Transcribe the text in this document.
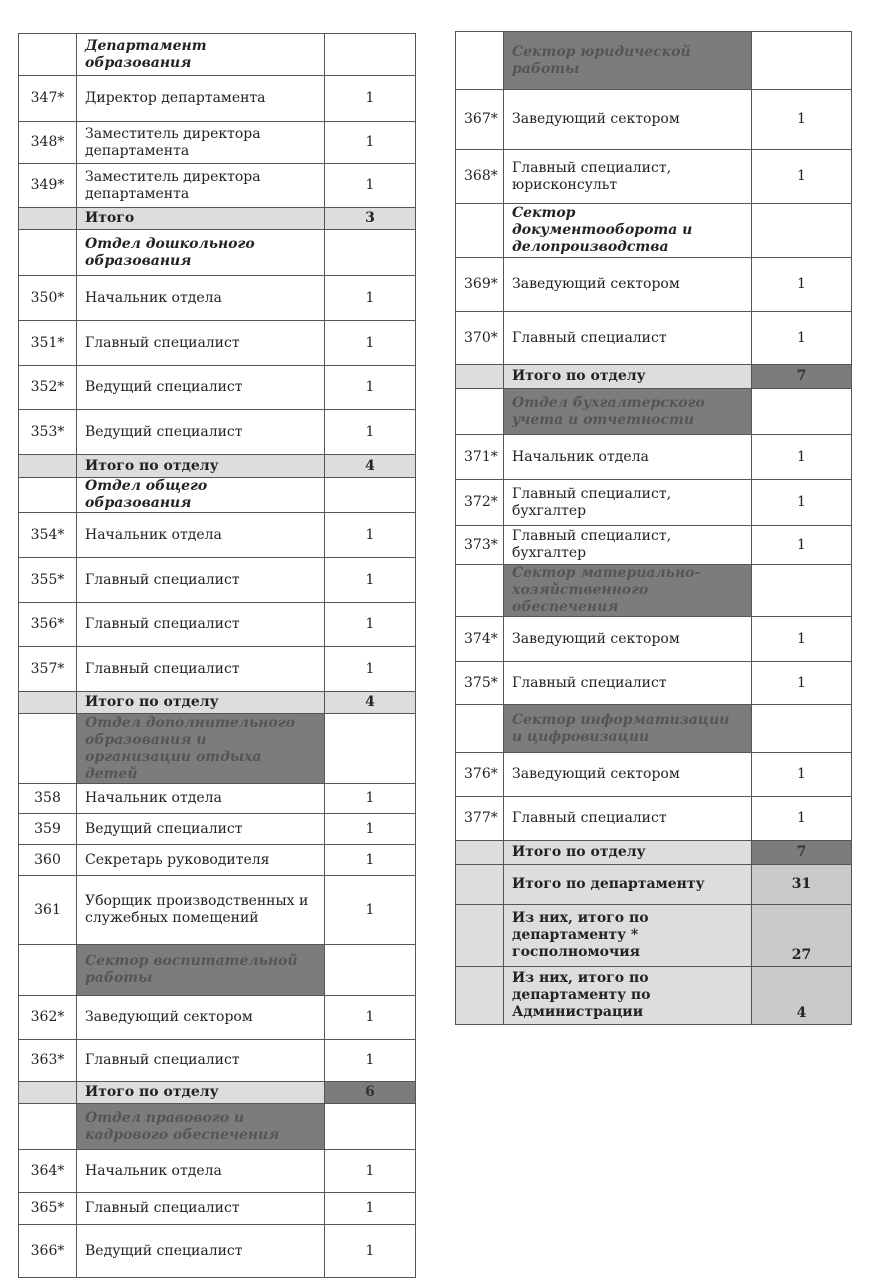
	Департамент образования	
347*	Директор департамента	1
348*	Заместитель директора департамента	1
349*	Заместитель директора департамента	1
	Итого	3
	Отдел дошкольного образования	
350*	Начальник отдела	1
351*	Главный специалист	1
352*	Ведущий специалист	1
353*	Ведущий специалист	1
	Итого по отделу	4
	Отдел общего образования	
354*	Начальник отдела	1
355*	Главный специалист	1
356*	Главный специалист	1
357*	Главный специалист	1
	Итого по отделу	4
	Отдел дополнительного образования и организации отдыха детей	
358	Начальник отдела	1
359	Ведущий специалист	1
360	Секретарь руководителя	1
361	Уборщик производственных и служебных помещений	1
	Сектор воспитательной работы	
362*	Заведующий сектором	1
363*	Главный специалист	1
	Итого по отделу	6
	Отдел правового и кадрового обеспечения	
364*	Начальник отдела	1
365*	Главный специалист	1
366*	Ведущий специалист	1
	Сектор юридической работы	
367*	Заведующий сектором	1
368*	Главный специалист, юрисконсульт	1
	Сектор документооборота и делопроизводства	
369*	Заведующий сектором	1
370*	Главный специалист	1
	Итого по отделу	7
	Отдел бухгалтерского учета и отчетности	
371*	Начальник отдела	1
372*	Главный специалист, бухгалтер	1
373*	Главный специалист, бухгалтер	1
	Сектор материально-хозяйственного обеспечения	
374*	Заведующий сектором	1
375*	Главный специалист	1
	Сектор информатизации и цифровизации	
376*	Заведующий сектором	1
377*	Главный специалист	1
	Итого по отделу	7
	Итого по департаменту	31
	Из них, итого по департаменту * госполномочия	27
	Из них, итого по департаменту по Администрации	4
